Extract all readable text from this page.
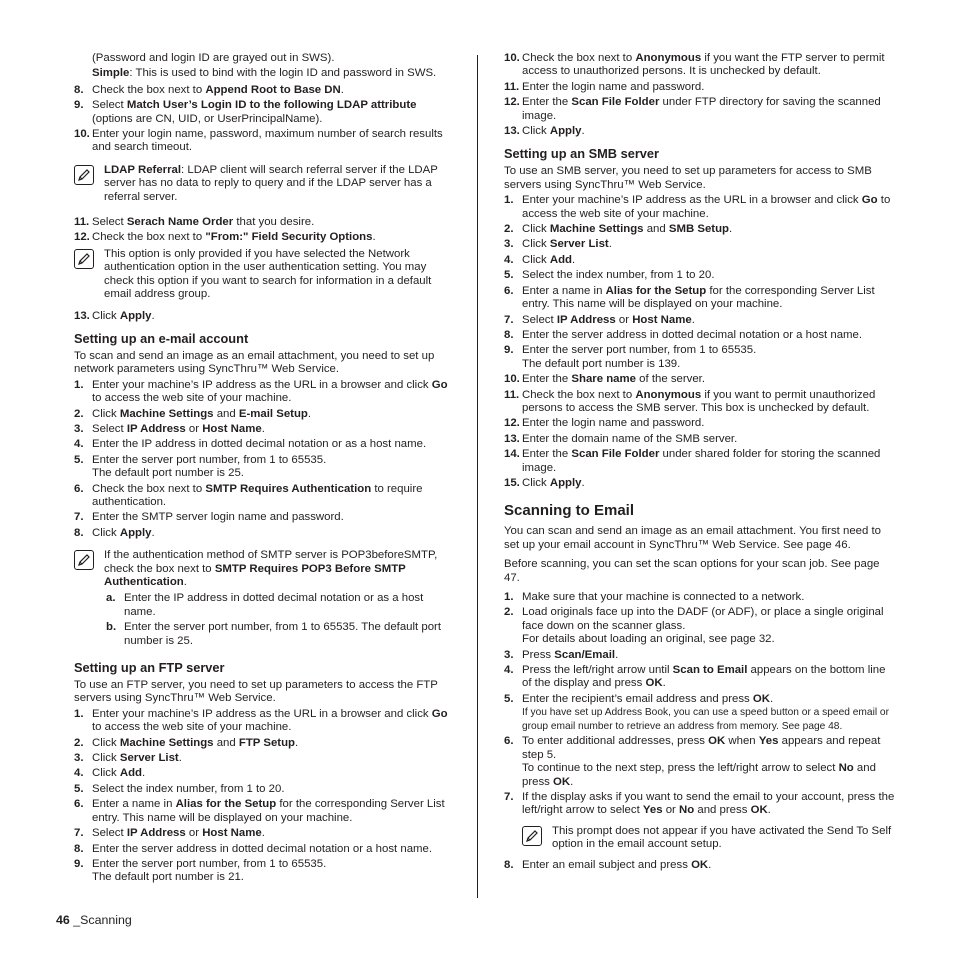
(Password and login ID are grayed out in SWS).
Simple: This is used to bind with the login ID and password in SWS.
8. Check the box next to Append Root to Base DN.
9. Select Match User’s Login ID to the following LDAP attribute (options are CN, UID, or UserPrincipalName).
10. Enter your login name, password, maximum number of search results and search timeout.
LDAP Referral: LDAP client will search referral server if the LDAP server has no data to reply to query and if the LDAP server has a referral server.
11. Select Serach Name Order that you desire.
12. Check the box next to "From:" Field Security Options.
This option is only provided if you have selected the Network authentication option in the user authentication setting. You may check this option if you want to search for information in a default email address group.
13. Click Apply.
Setting up an e-mail account

To scan and send an image as an email attachment, you need to set up network parameters using SyncThru™ Web Service.

1. Enter your machine’s IP address as the URL in a browser and click Go to access the web site of your machine.
2. Click Machine Settings and E-mail Setup.
3. Select IP Address or Host Name.
4. Enter the IP address in dotted decimal notation or as a host name.
5. Enter the server port number, from 1 to 65535.
The default port number is 25.
6. Check the box next to SMTP Requires Authentication to require authentication.
7. Enter the SMTP server login name and password.
8. Click Apply.
If the authentication method of SMTP server is POP3beforeSMTP, check the box next to SMTP Requires POP3 Before SMTP Authentication.
a. Enter the IP address in dotted decimal notation or as a host name.
b. Enter the server port number, from 1 to 65535. The default port number is 25.
Setting up an FTP server

To use an FTP server, you need to set up parameters to access the FTP servers using SyncThru™ Web Service.

1. Enter your machine’s IP address as the URL in a browser and click Go to access the web site of your machine.
2. Click Machine Settings and FTP Setup.
3. Click Server List.
4. Click Add.
5. Select the index number, from 1 to 20.
6. Enter a name in Alias for the Setup for the corresponding Server List entry. This name will be displayed on your machine.
7. Select IP Address or Host Name.
8. Enter the server address in dotted decimal notation or a host name.
9. Enter the server port number, from 1 to 65535.
The default port number is 21.
10. Check the box next to Anonymous if you want the FTP server to permit access to unauthorized persons. It is unchecked by default.
11. Enter the login name and password.
12. Enter the Scan File Folder under FTP directory for saving the scanned image.
13. Click Apply.
Setting up an SMB server

To use an SMB server, you need to set up parameters for access to SMB servers using SyncThru™ Web Service.

1. Enter your machine’s IP address as the URL in a browser and click Go to access the web site of your machine.
2. Click Machine Settings and SMB Setup.
3. Click Server List.
4. Click Add.
5. Select the index number, from 1 to 20.
6. Enter a name in Alias for the Setup for the corresponding Server List entry. This name will be displayed on your machine.
7. Select IP Address or Host Name.
8. Enter the server address in dotted decimal notation or a host name.
9. Enter the server port number, from 1 to 65535.
The default port number is 139.
10. Enter the Share name of the server.
11. Check the box next to Anonymous if you want to permit unauthorized persons to access the SMB server. This box is unchecked by default.
12. Enter the login name and password.
13. Enter the domain name of the SMB server.
14. Enter the Scan File Folder under shared folder for storing the scanned image.
15. Click Apply.
Scanning to Email

You can scan and send an image as an email attachment. You first need to set up your email account in SyncThru™ Web Service. See page 46.

Before scanning, you can set the scan options for your scan job. See page 47.

1. Make sure that your machine is connected to a network.
2. Load originals face up into the DADF (or ADF), or place a single original face down on the scanner glass.
For details about loading an original, see page 32.
3. Press Scan/Email.
4. Press the left/right arrow until Scan to Email appears on the bottom line of the display and press OK.
5. Enter the recipient’s email address and press OK.
If you have set up Address Book, you can use a speed button or a speed email or group email number to retrieve an address from memory. See page 48.
6. To enter additional addresses, press OK when Yes appears and repeat step 5.
To continue to the next step, press the left/right arrow to select No and press OK.
7. If the display asks if you want to send the email to your account, press the left/right arrow to select Yes or No and press OK.
This prompt does not appear if you have activated the Send To Self option in the email account setup.
8. Enter an email subject and press OK.
46 _Scanning
